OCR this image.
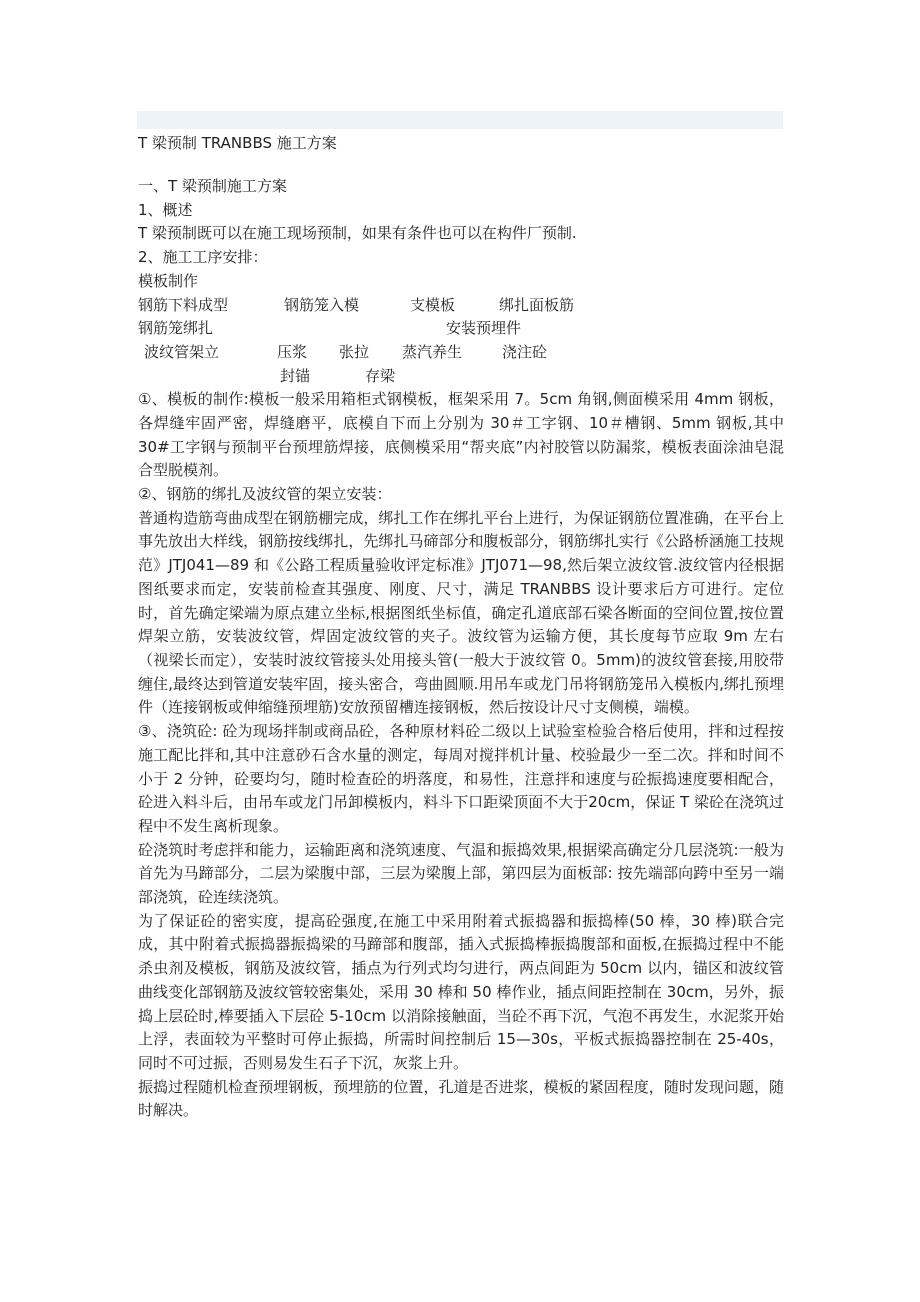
T 梁预制 TRANBBS 施工方案

一、T 梁预制施工方案

1、概述

T 梁预制既可以在施工现场预制，如果有条件也可以在构件厂预制.

2、施工工序安排：

模板制作
钢筋下料成型	钢筋笼入模	支模板	绑扎面板筋
钢筋笼绑扎	安装预埋件
波纹管架立	压浆 张拉 蒸汽养生	浇注砼
封锚	存梁

①、模板的制作:模板一般采用箱柜式钢模板，框架采用 7。5cm 角钢,侧面模采用 4mm 钢板，各焊缝牢固严密，焊缝磨平，底模自下而上分别为 30＃工字钢、10＃槽钢、5mm 钢板,其中 30#工字钢与预制平台预埋筋焊接，底侧模采用“帮夹底”内衬胶管以防漏浆，模板表面涂油皂混合型脱模剂。

②、钢筋的绑扎及波纹管的架立安装：

普通构造筋弯曲成型在钢筋棚完成，绑扎工作在绑扎平台上进行，为保证钢筋位置准确，在平台上事先放出大样线，钢筋按线绑扎，先绑扎马碲部分和腹板部分，钢筋绑扎实行《公路桥涵施工技规范》JTJ041—89 和《公路工程质量验收评定标准》JTJ071—98,然后架立波纹管.波纹管内径根据图纸要求而定，安装前检查其强度、刚度、尺寸，满足 TRANBBS 设计要求后方可进行。定位时，首先确定梁端为原点建立坐标,根据图纸坐标值，确定孔道底部石梁各断面的空间位置,按位置焊架立筋，安装波纹管，焊固定波纹管的夹子。波纹管为运输方便，其长度每节应取 9m 左右（视梁长而定），安装时波纹管接头处用接头管(一般大于波纹管 0。5mm)的波纹管套接,用胶带缠住,最终达到管道安装牢固，接头密合，弯曲圆顺.用吊车或龙门吊将钢筋笼吊入模板内,绑扎预埋件（连接钢板或伸缩缝预埋筋)安放预留槽连接钢板，然后按设计尺寸支侧模，端模。

③、浇筑砼: 砼为现场拌制或商品砼，各种原材料砼二级以上试验室检验合格后使用，拌和过程按施工配比拌和,其中注意砂石含水量的测定，每周对搅拌机计量、校验最少一至二次。拌和时间不小于 2 分钟，砼要均匀，随时检查砼的坍落度，和易性，注意拌和速度与砼振捣速度要相配合，砼进入料斗后，由吊车或龙门吊卸模板内，料斗下口距梁顶面不大于20cm，保证 T 梁砼在浇筑过程中不发生离析现象。

砼浇筑时考虑拌和能力，运输距离和浇筑速度、气温和振捣效果,根据梁高确定分几层浇筑:一般为首先为马蹄部分，二层为梁腹中部，三层为梁腹上部，第四层为面板部: 按先端部向跨中至另一端部浇筑，砼连续浇筑。

为了保证砼的密实度，提高砼强度,在施工中采用附着式振捣器和振捣棒(50 棒，30 棒)联合完成，其中附着式振捣器振捣梁的马蹄部和腹部，插入式振捣棒振捣腹部和面板,在振捣过程中不能杀虫剂及模板，钢筋及波纹管，插点为行列式均匀进行，两点间距为 50cm 以内，锚区和波纹管曲线变化部钢筋及波纹管较密集处，采用 30 棒和 50 棒作业，插点间距控制在 30cm，另外，振捣上层砼时,棒要插入下层砼 5-10cm 以消除接触面，当砼不再下沉，气泡不再发生，水泥浆开始上浮，表面较为平整时可停止振捣，所需时间控制后 15—30s，平板式振捣器控制在 25-40s，同时不可过振，否则易发生石子下沉，灰浆上升。

振捣过程随机检查预埋钢板，预埋筋的位置，孔道是否进浆，模板的紧固程度，随时发现问题，随时解决。
